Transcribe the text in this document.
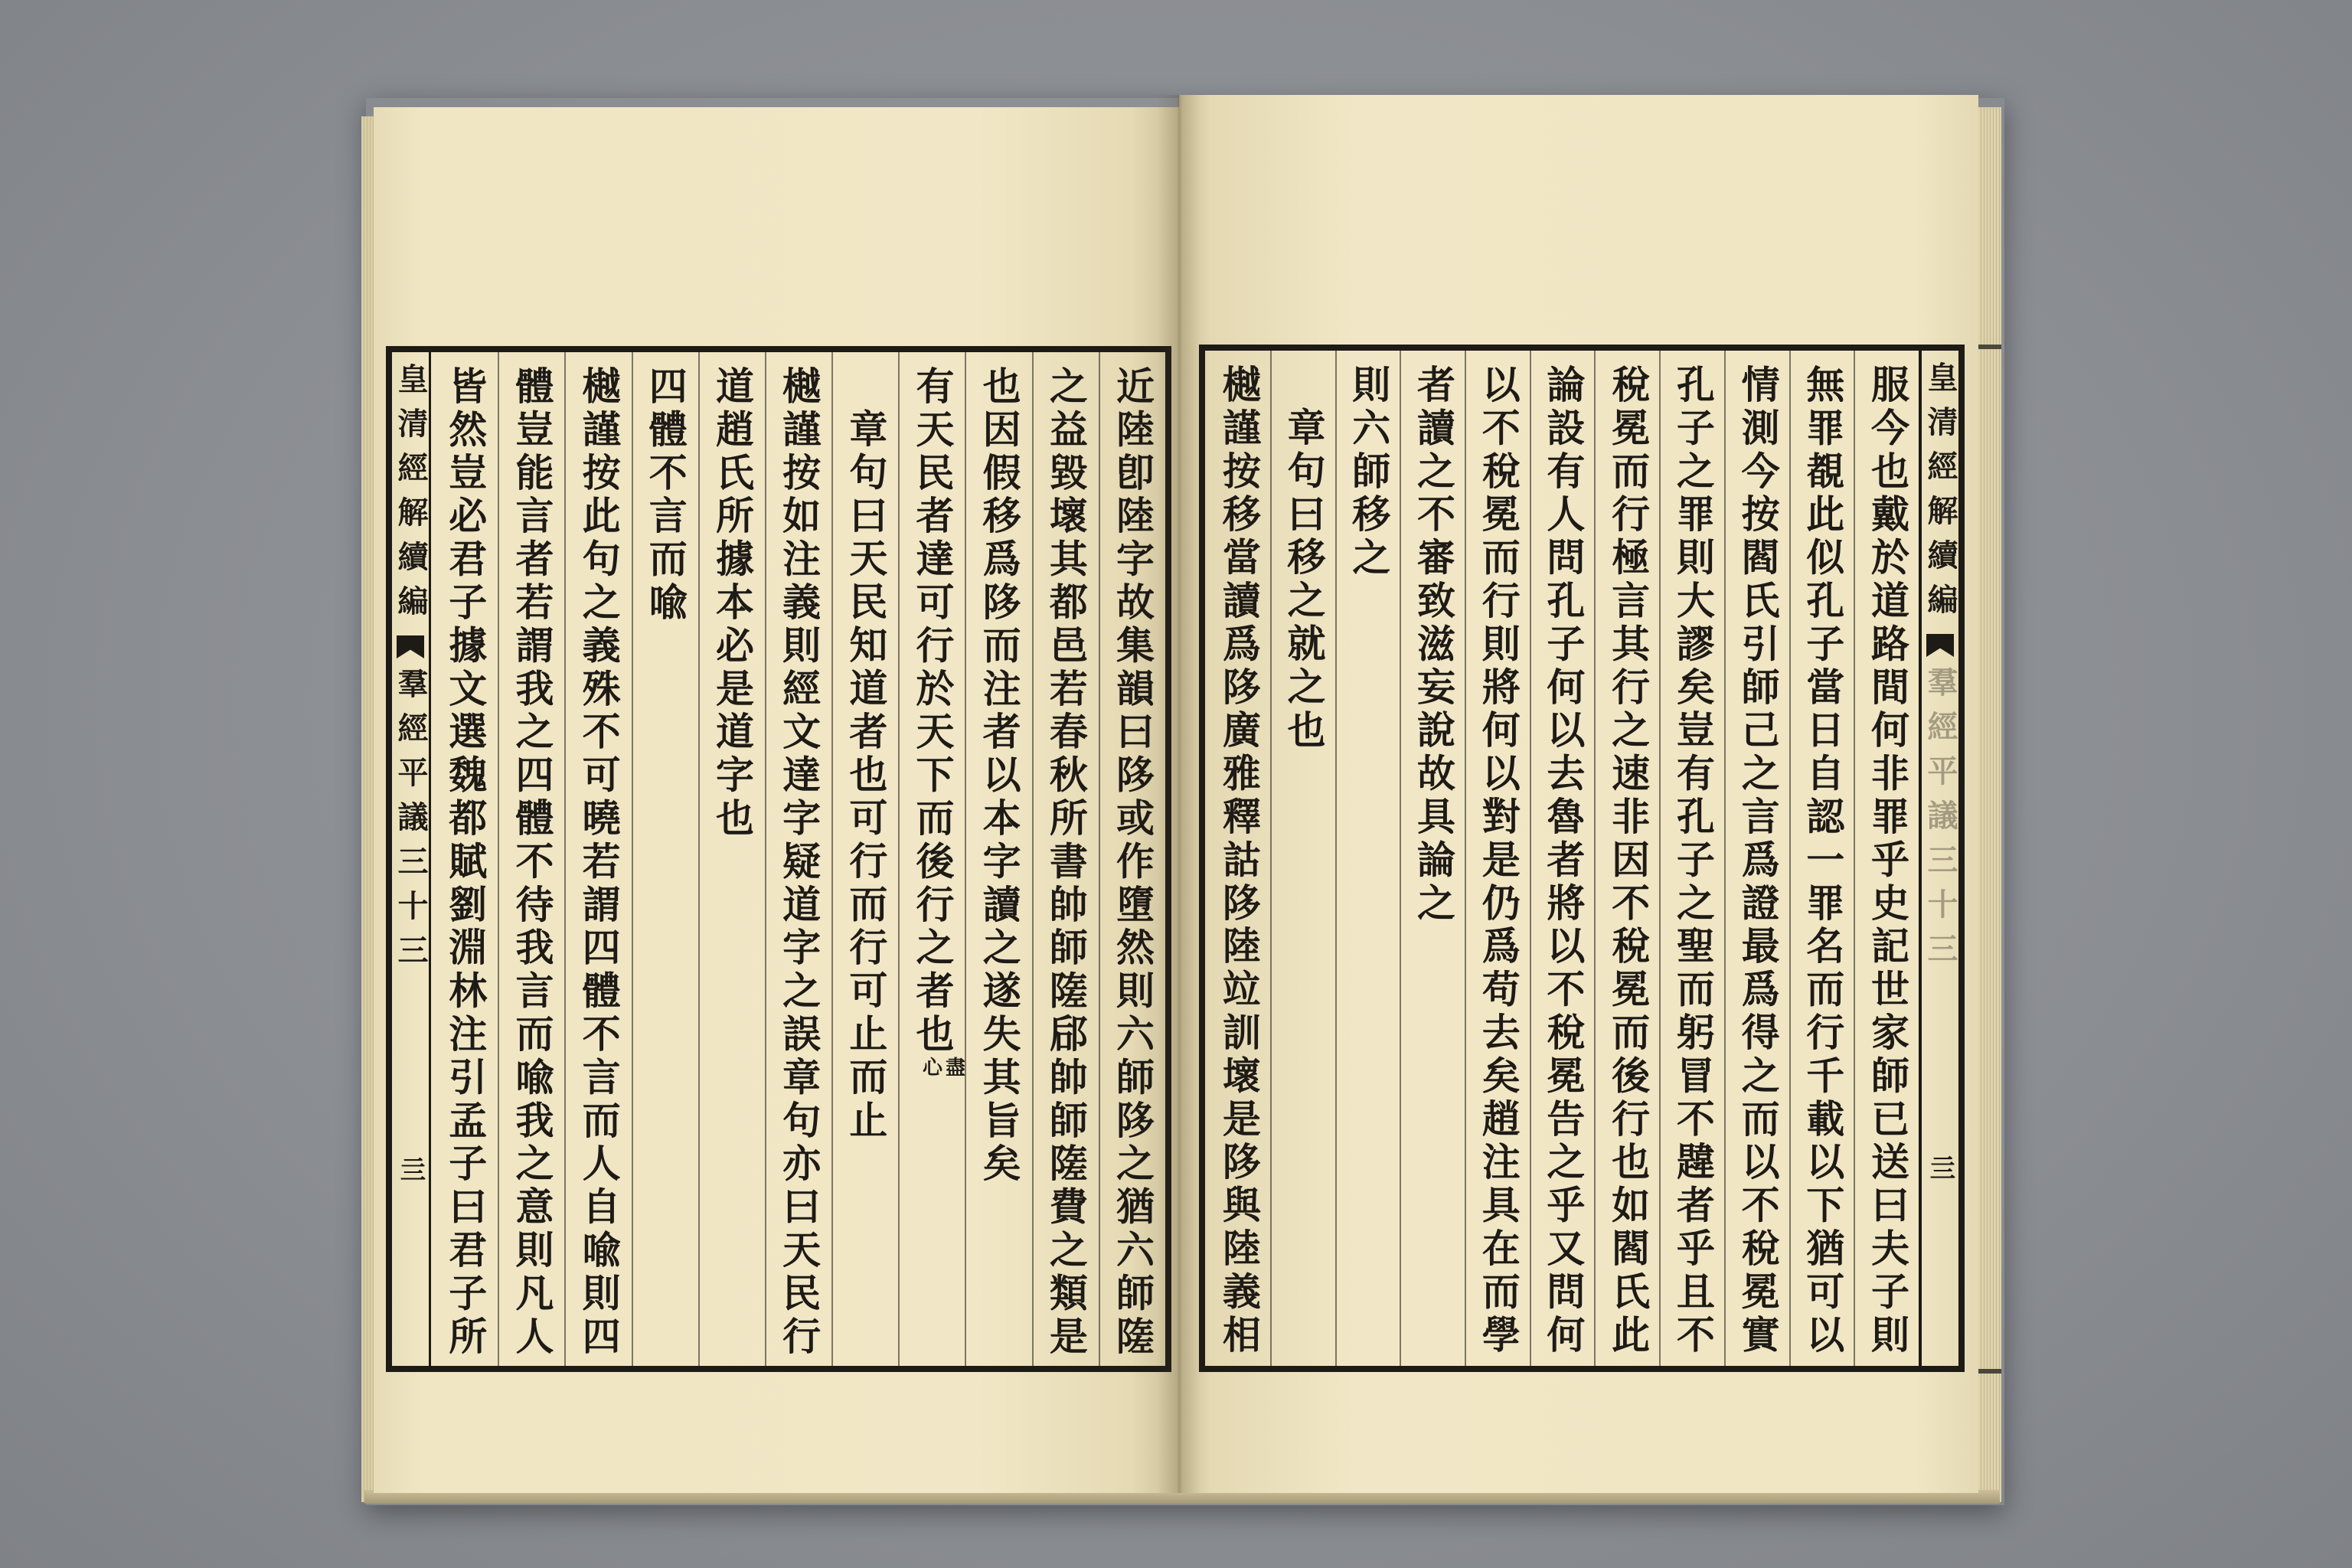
皇清經解續編
羣經平議三十三
亖	近陸卽陸字故集韻曰陊或作墮然則六師陊之猶六師隓
之益毀壞其都邑若春秋所書帥師隓郈帥師隓費之類是
也因假移爲陊而注者以本字讀之遂失其旨矣
有天民者達可行於天下而後行之者也盡心
章句曰天民知道者也可行而行可止而止
樾謹按如注義則經文達字疑道字之誤章句亦曰天民行
道趙氏所據本必是道字也
四體不言而喩
樾謹按此句之義殊不可曉若謂四體不言而人自喩則四
體豈能言者若謂我之四體不待我言而喩我之意則凡人
皆然豈必君子據文選魏都賦劉淵林注引孟子曰君子所	服今也戴於道路間何非罪乎史記世家師已送曰夫子則
無罪覩此似孔子當日自認一罪名而行千載以下猶可以
情測今按閻氏引師己之言爲證最爲得之而以不稅冕實
孔子之罪則大謬矣豈有孔子之聖而躬冒不韙者乎且不
稅冕而行極言其行之速非因不稅冕而後行也如閻氏此
論設有人問孔子何以去魯者將以不稅冕告之乎又問何
以不稅冕而行則將何以對是仍爲苟去矣趙注具在而學
者讀之不審致滋妄說故具論之
則六師移之
章句曰移之就之也
樾謹按移當讀爲陊廣雅釋詁陊陸竝訓壞是陊與陸義相	皇清經解續編
羣經平議三十三
亖
